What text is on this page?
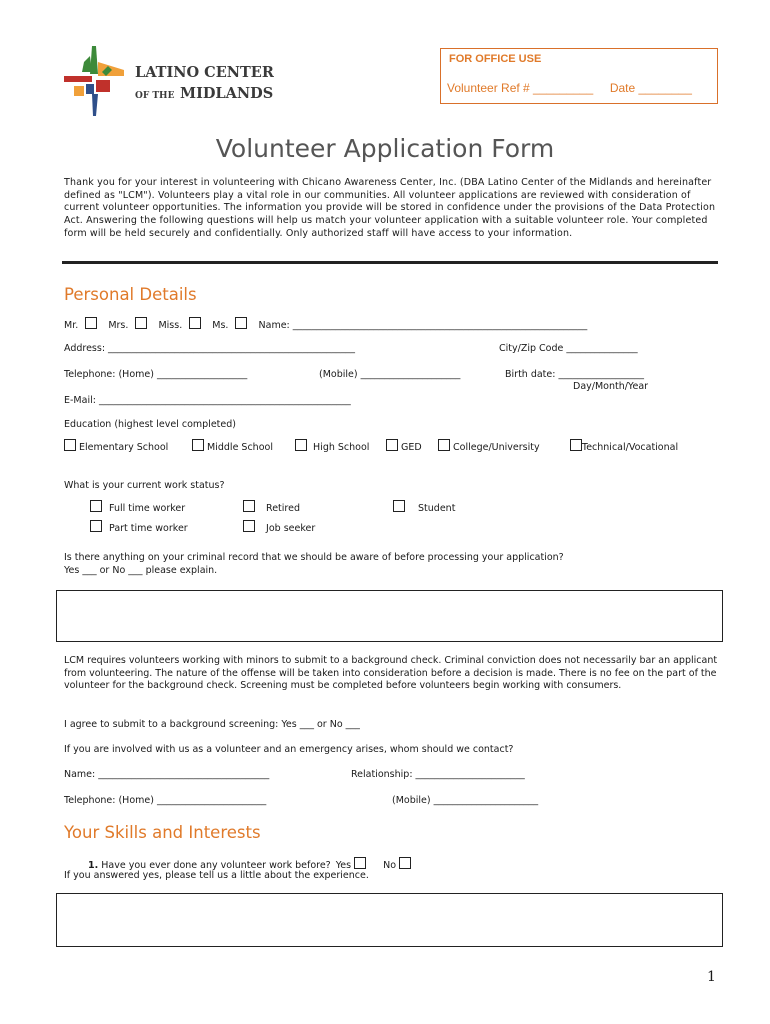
LATINO CENTER
OF THE MIDLANDS
FOR OFFICE USE
Volunteer Ref # _________ Date ________
Volunteer Application Form
Thank you for your interest in volunteering with Chicano Awareness Center, Inc. (DBA Latino Center of the Midlands and hereinafter defined as "LCM"). Volunteers play a vital role in our communities. All volunteer applications are reviewed with consideration of current volunteer opportunities. The information you provide will be stored in confidence under the provisions of the Data Protection Act. Answering the following questions will help us match your volunteer application with a suitable volunteer role. Your completed form will be held securely and confidentially. Only authorized staff will have access to your information.
Personal Details
Mr.	Mrs.	Miss.	Ms.	Name: ______________________________________________________________
Address: ____________________________________________________	City/Zip Code _______________
Telephone: (Home) ___________________	(Mobile) _____________________	Birth date: __________________
Day/Month/Year
E-Mail: _____________________________________________________
Education (highest level completed)
Elementary School	Middle School	High School	GED	College/University	Technical/Vocational
What is your current work status?
Full time worker	Retired	Student
Part time worker	Job seeker
Is there anything on your criminal record that we should be aware of before processing your application?
Yes ___ or No ___ please explain.
LCM requires volunteers working with minors to submit to a background check. Criminal conviction does not necessarily bar an applicant from volunteering. The nature of the offense will be taken into consideration before a decision is made. There is no fee on the part of the volunteer for the background check. Screening must be completed before volunteers begin working with consumers.
I agree to submit to a background screening: Yes ___ or No ___
If you are involved with us as a volunteer and an emergency arises, whom should we contact?
Name: ____________________________________	Relationship: _______________________
Telephone: (Home) _______________________	(Mobile) ______________________
Your Skills and Interests
1. Have you ever done any volunteer work before? Yes	No
If you answered yes, please tell us a little about the experience.
1
